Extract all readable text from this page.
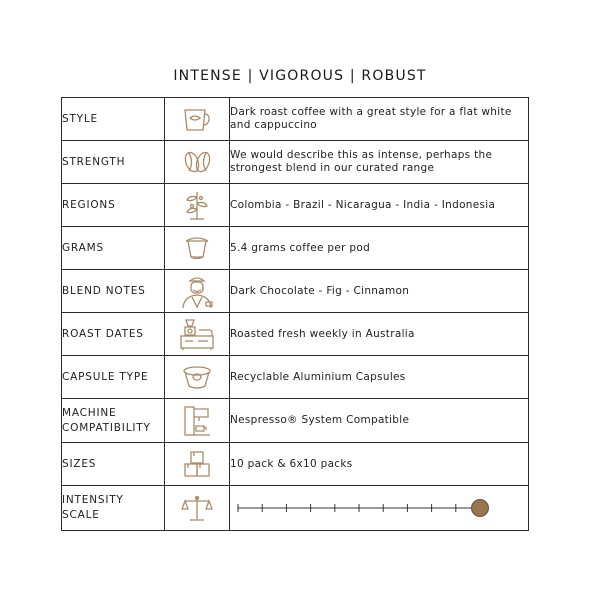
INTENSE | VIGOROUS | ROBUST
STYLE		Dark roast coffee with a great style for a flat white and cappuccino
STRENGTH		We would describe this as intense, perhaps the strongest blend in our curated range
REGIONS		Colombia - Brazil - Nicaragua - India - Indonesia
GRAMS		5.4 grams coffee per pod
BLEND NOTES		Dark Chocolate - Fig - Cinnamon
ROAST DATES		Roasted fresh weekly in Australia
CAPSULE TYPE		Recyclable Aluminium Capsules
MACHINE COMPATIBILITY		Nespresso® System Compatible
SIZES		10 pack & 6x10 packs
INTENSITY SCALE	
